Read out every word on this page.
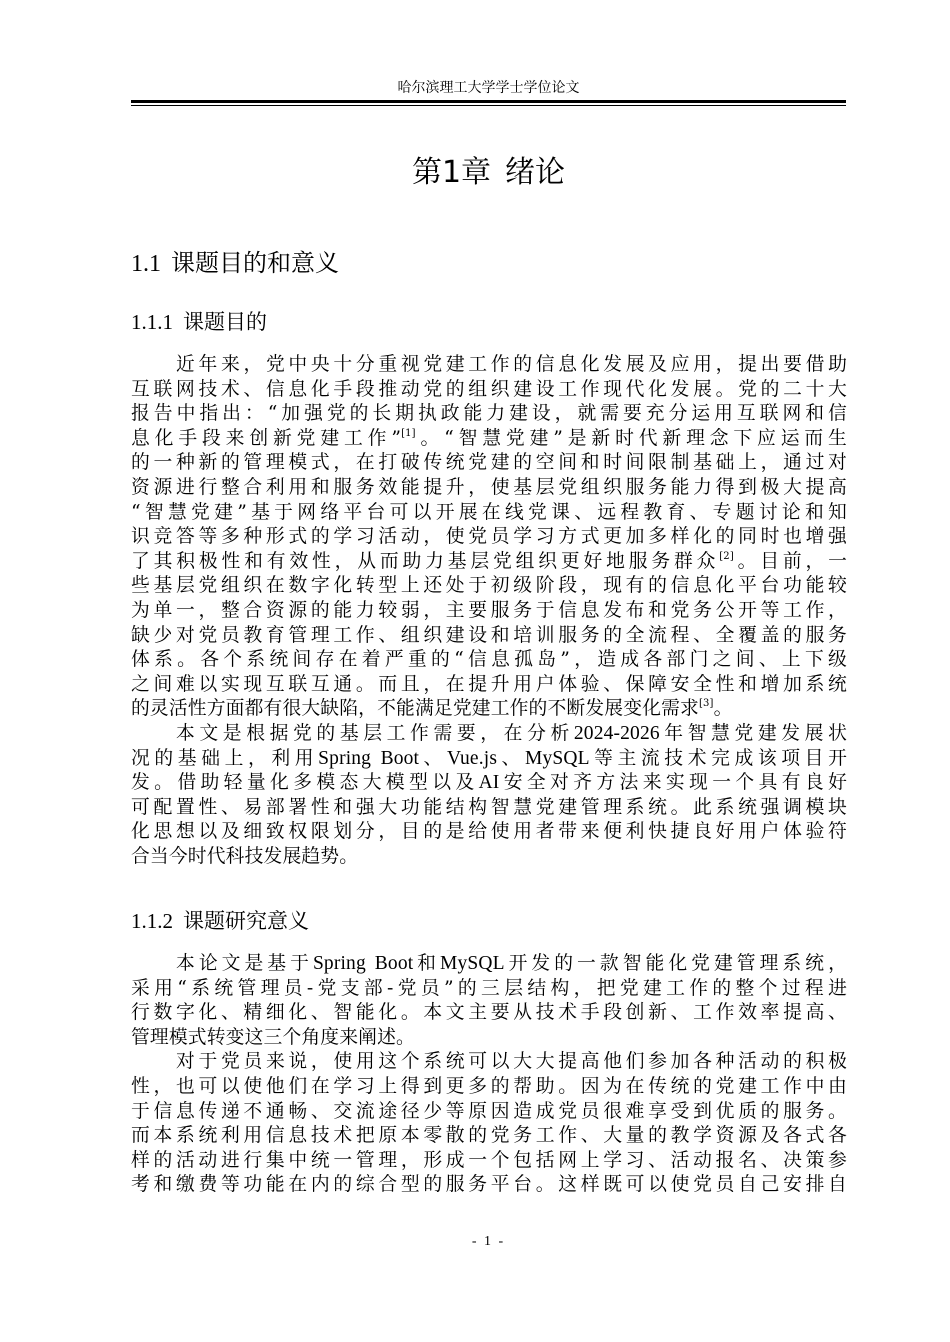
哈尔滨理工大学学士学位论文
第1章 绪论
1.1 课题目的和意义
1.1.1 课题目的
近年来，党中央十分重视党建工作的信息化发展及应用，提出要借助
互联网技术、信息化手段推动党的组织建设工作现代化发展。党的二十大
报告中指出：“加强党的长期执政能力建设，就需要充分运用互联网和信
息化手段来创新党建工作”[1]。“智慧党建”是新时代新理念下应运而生
的一种新的管理模式，在打破传统党建的空间和时间限制基础上，通过对
资源进行整合利用和服务效能提升，使基层党组织服务能力得到极大提高
“智慧党建”基于网络平台可以开展在线党课、远程教育、专题讨论和知
识竞答等多种形式的学习活动，使党员学习方式更加多样化的同时也增强
了其积极性和有效性，从而助力基层党组织更好地服务群众[2]。目前，一
些基层党组织在数字化转型上还处于初级阶段，现有的信息化平台功能较
为单一，整合资源的能力较弱，主要服务于信息发布和党务公开等工作，
缺少对党员教育管理工作、组织建设和培训服务的全流程、全覆盖的服务
体系。各个系统间存在着严重的“信息孤岛”，造成各部门之间、上下级
之间难以实现互联互通。而且，在提升用户体验、保障安全性和增加系统
的灵活性方面都有很大缺陷，不能满足党建工作的不断发展变化需求[3]。
本文是根据党的基层工作需要，在分析2024-2026年智慧党建发展状
况的基础上，利用Spring Boot、Vue.js、MySQL等主流技术完成该项目开
发。借助轻量化多模态大模型以及AI安全对齐方法来实现一个具有良好
可配置性、易部署性和强大功能结构智慧党建管理系统。此系统强调模块
化思想以及细致权限划分，目的是给使用者带来便利快捷良好用户体验符
合当今时代科技发展趋势。
1.1.2 课题研究意义
本论文是基于Spring Boot和MySQL开发的一款智能化党建管理系统，
采用“系统管理员-党支部-党员”的三层结构，把党建工作的整个过程进
行数字化、精细化、智能化。本文主要从技术手段创新、工作效率提高、
管理模式转变这三个角度来阐述。
对于党员来说，使用这个系统可以大大提高他们参加各种活动的积极
性，也可以使他们在学习上得到更多的帮助。因为在传统的党建工作中由
于信息传递不通畅、交流途径少等原因造成党员很难享受到优质的服务。
而本系统利用信息技术把原本零散的党务工作、大量的教学资源及各式各
样的活动进行集中统一管理，形成一个包括网上学习、活动报名、决策参
考和缴费等功能在内的综合型的服务平台。这样既可以使党员自己安排自
- 1 -
